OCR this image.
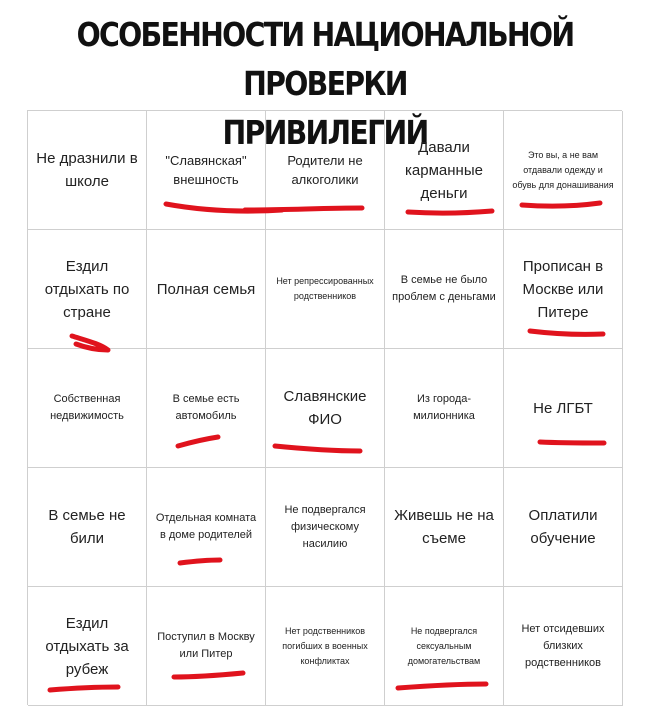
ОСОБЕННОСТИ НАЦИОНАЛЬНОЙ ПРОВЕРКИ
ПРИВИЛЕГИЙ
Не дразнили в школе
"Славянская" внешность
Родители не алкоголики
Давали карманные деньги
Это вы, а не вам отдавали одежду и обувь для донашивания
Ездил отдыхать по стране
Полная семья	Нет репрессированных родственников
В семье не было проблем с деньгами
Прописан в Москве или Питере
Собственная недвижимость
В семье есть автомобиль
Славянские ФИО
Из города-милионника	Не ЛГБТ
В семье не били
Отдельная комната в доме родителей
Не подвергался физическому насилию
Живешь не на съеме
Оплатили обучение
Ездил отдыхать за рубеж
Поступил в Москву или Питер
Нет родственников погибших в военных конфликтах
Не подвергался сексуальным домогательствам
Нет отсидевших близких родственников
